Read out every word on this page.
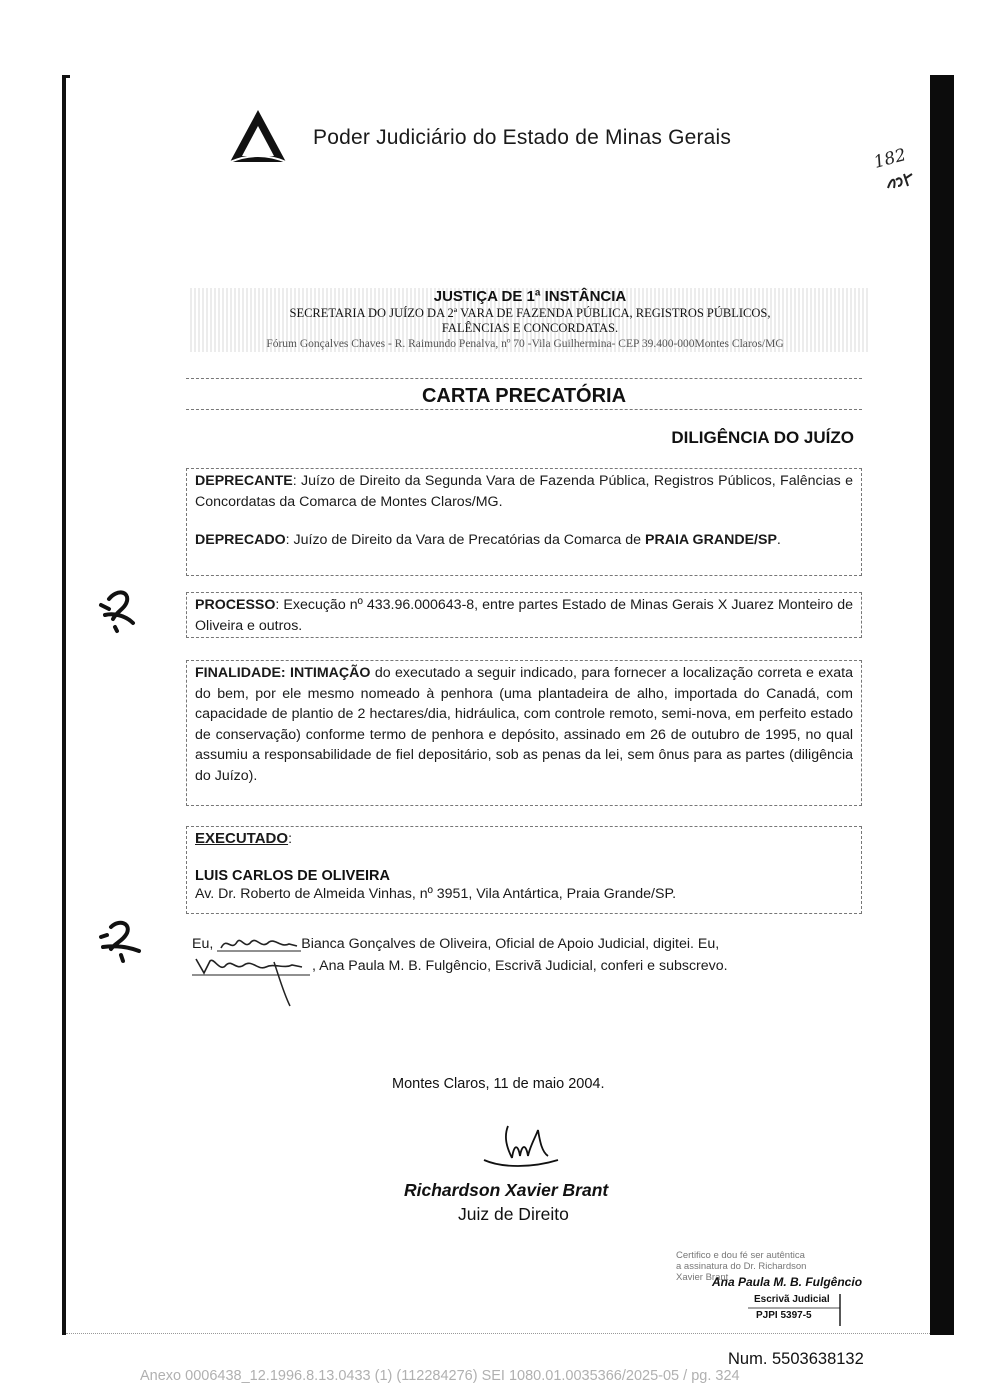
Poder Judiciário do Estado de Minas Gerais
182
JUSTIÇA DE 1ª INSTÂNCIA
SECRETARIA DO JUÍZO DA 2ª VARA DE FAZENDA PÚBLICA, REGISTROS PÚBLICOS,
FALÊNCIAS E CONCORDATAS.
Fórum Gonçalves Chaves - R. Raimundo Penalva, nº 70 -Vila Guilhermina- CEP 39.400-000Montes Claros/MG
CARTA PRECATÓRIA
DILIGÊNCIA DO JUÍZO
DEPRECANTE: Juízo de Direito da Segunda Vara de Fazenda Pública, Registros Públicos, Falências e Concordatas da Comarca de Montes Claros/MG.
DEPRECADO: Juízo de Direito da Vara de Precatórias da Comarca de PRAIA GRANDE/SP.
PROCESSO: Execução nº 433.96.000643-8, entre partes Estado de Minas Gerais X Juarez Monteiro de Oliveira e outros.
FINALIDADE: INTIMAÇÃO do executado a seguir indicado, para fornecer a localização correta e exata do bem, por ele mesmo nomeado à penhora (uma plantadeira de alho, importada do Canadá, com capacidade de plantio de 2 hectares/dia, hidráulica, com controle remoto, semi-nova, em perfeito estado de conservação) conforme termo de penhora e depósito, assinado em 26 de outubro de 1995, no qual assumiu a responsabilidade de fiel depositário, sob as penas da lei, sem ônus para as partes (diligência do Juízo).
EXECUTADO:
LUIS CARLOS DE OLIVEIRA
Av. Dr. Roberto de Almeida Vinhas, nº 3951, Vila Antártica, Praia Grande/SP.
Eu,	Bianca Gonçalves de Oliveira, Oficial de Apoio Judicial, digitei. Eu,
, Ana Paula M. B. Fulgêncio, Escrivã Judicial, conferi e subscrevo.
Montes Claros, 11 de maio 2004.
Richardson Xavier Brant
Juiz de Direito
Certifico e dou fé ser autêntica
a assinatura do Dr. Richardson
Xavier Brant
Ana Paula M. B. Fulgêncio
Escrivã Judicial
PJPI 5397-5
Num. 5503638132
Anexo 0006438_12.1996.8.13.0433 (1) (112284276) SEI 1080.01.0035366/2025-05 / pg. 324
